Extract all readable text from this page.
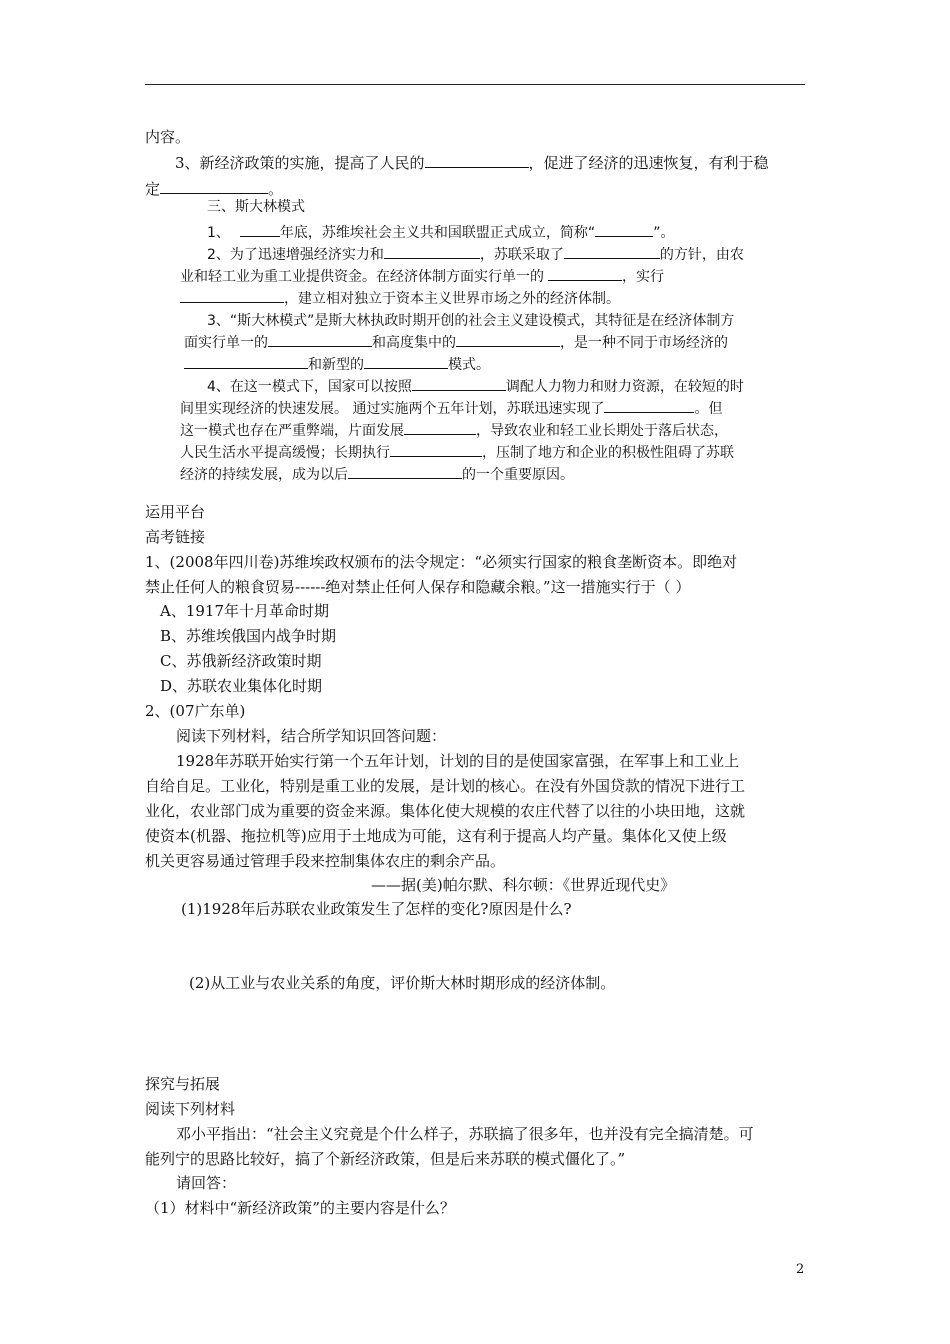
内容。
3、新经济政策的实施，提高了人民的	，促进了经济的迅速恢复，有利于稳
定	。
三、斯大林模式
1、	年底，苏维埃社会主义共和国联盟正式成立，简称“	”。
2、为了迅速增强经济实力和	，苏联采取了	的方针，由农
业和轻工业为重工业提供资金。在经济体制方面实行单一的	，实行
，建立相对独立于资本主义世界市场之外的经济体制。
3、“斯大林模式”是斯大林执政时期开创的社会主义建设模式，其特征是在经济体制方
面实行单一的	和高度集中的	，是一种不同于市场经济的
和新型的	模式。
4、在这一模式下，国家可以按照	调配人力物力和财力资源，在较短的时
间里实现经济的快速发展。 通过实施两个五年计划，苏联迅速实现了	。但
这一模式也存在严重弊端，片面发展	，导致农业和轻工业长期处于落后状态，
人民生活水平提高缓慢；长期执行	，压制了地方和企业的积极性阻碍了苏联
经济的持续发展，成为以后	的一个重要原因。
运用平台
高考链接
1、(2008年四川卷)苏维埃政权颁布的法令规定：“必须实行国家的粮食垄断资本。即绝对
禁止任何人的粮食贸易------绝对禁止任何人保存和隐藏余粮。”这一措施实行于（ ）
A、1917年十月革命时期
B、苏维埃俄国内战争时期
C、苏俄新经济政策时期
D、苏联农业集体化时期
2、(07广东单)
阅读下列材料，结合所学知识回答问题：
1928年苏联开始实行第一个五年计划，计划的目的是使国家富强，在军事上和工业上
自给自足。工业化，特别是重工业的发展，是计划的核心。在没有外国贷款的情况下进行工
业化，农业部门成为重要的资金来源。集体化使大规模的农庄代替了以往的小块田地，这就
使资本(机器、拖拉机等)应用于土地成为可能，这有利于提高人均产量。集体化又使上级
机关更容易通过管理手段来控制集体农庄的剩余产品。
——据(美)帕尔默、科尔顿：《世界近现代史》
(1)1928年后苏联农业政策发生了怎样的变化?原因是什么?
(2)从工业与农业关系的角度，评价斯大林时期形成的经济体制。
探究与拓展
阅读下列材料
邓小平指出：“社会主义究竟是个什么样子，苏联搞了很多年，也并没有完全搞清楚。可
能列宁的思路比较好，搞了个新经济政策，但是后来苏联的模式僵化了。”
请回答：
（1）材料中“新经济政策”的主要内容是什么？
2
